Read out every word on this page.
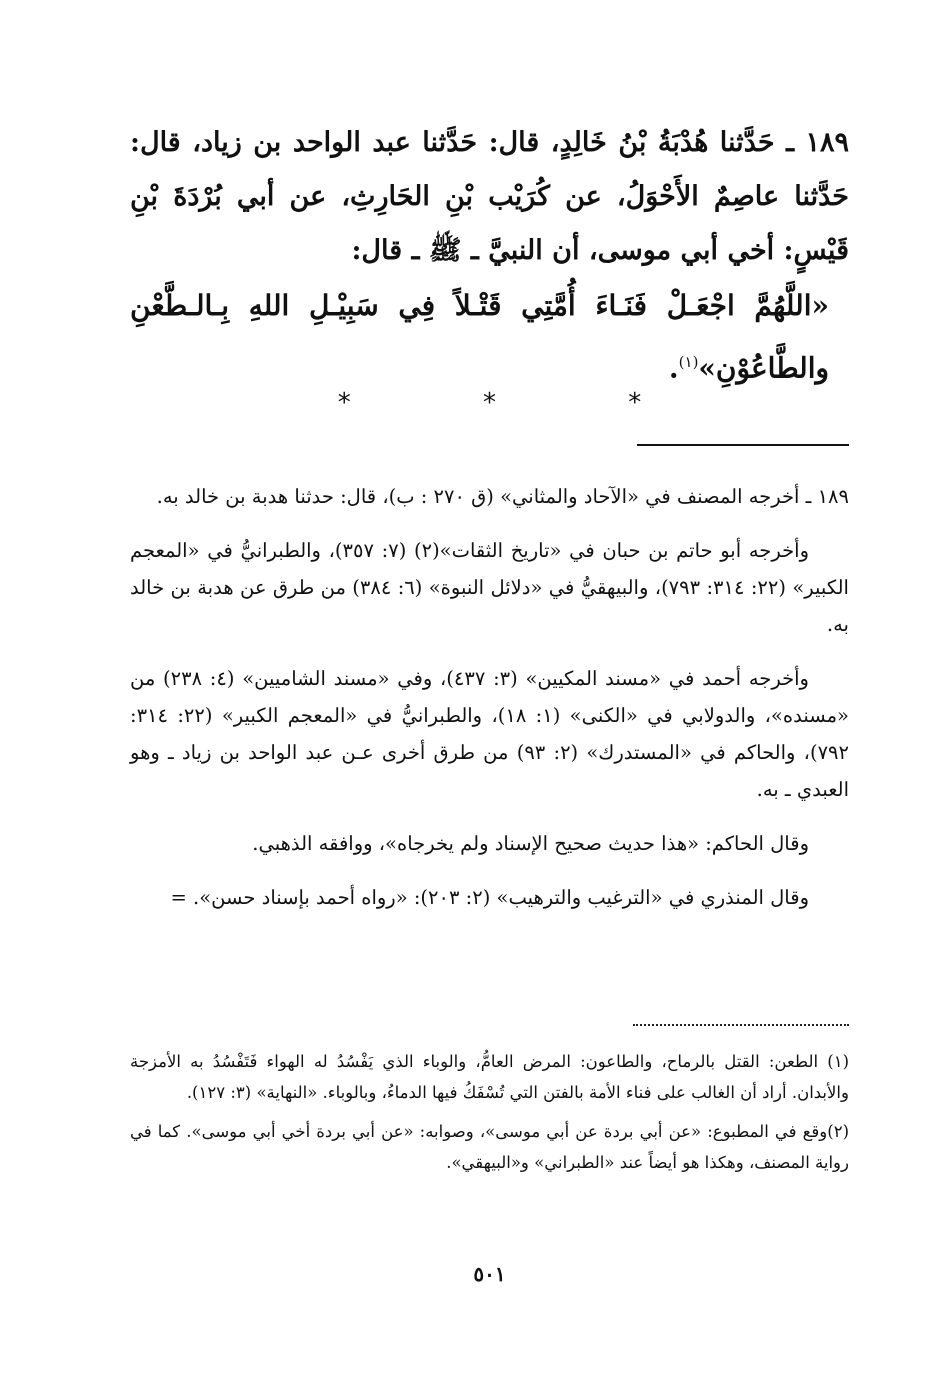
١٨٩ ـ حَدَّثنا هُدْبَةُ بْنُ خَالِدٍ، قال: حَدَّثنا عبد الواحد بن زياد، قال: حَدَّثنا عاصِمٌ الأَحْوَلُ، عن كُرَيْب بْنِ الحَارِثِ، عن أبي بُرْدَةَ بْنِ قَيْسٍ: أخي أبي موسى، أن النبيَّ ـ ﷺ ـ قال:

«اللَّهُمَّ اجْعَـلْ فَنَـاءَ أُمَّتِي قَتْـلاً فِي سَبِيْـلِ اللهِ بِـالـطَّعْنِ والطَّاعُوْنِ»$^{(١)}$.

* * *

١٨٩ ـ أخرجه المصنف في «الآحاد والمثاني» (ق ٢٧٠ : ب)، قال: حدثنا هدبة بن خالد به.

وأخرجه أبو حاتم بن حبان في «تاريخ الثقات»(٢) (٧: ٣٥٧)، والطبرانيُّ في «المعجم الكبير» (٢٢: ٣١٤: ٧٩٣)، والبيهقيُّ في «دلائل النبوة» (٦: ٣٨٤) من طرق عن هدبة بن خالد به.

وأخرجه أحمد في «مسند المكيين» (٣: ٤٣٧)، وفي «مسند الشاميين» (٤: ٢٣٨) من «مسنده»، والدولابي في «الكنى» (١: ١٨)، والطبرانيُّ في «المعجم الكبير» (٢٢: ٣١٤: ٧٩٢)، والحاكم في «المستدرك» (٢: ٩٣) من طرق أخرى عـن عبد الواحد بن زياد ـ وهو العبدي ـ به.

وقال الحاكم: «هذا حديث صحيح الإسناد ولم يخرجاه»، ووافقه الذهبي.

وقال المنذري في «الترغيب والترهيب» (٢: ٢٠٣): «رواه أحمد بإسناد حسن». =

(١) الطعن: القتل بالرماح، والطاعون: المرض العامُّ، والوباء الذي يَفْسُدُ له الهواء فَتَفْسُدُ به الأمزجة والأبدان. أراد أن الغالب على فناء الأمة بالفتن التي تُسْفَكُ فيها الدماءُ، وبالوباء. «النهاية» (٣: ١٢٧).

(٢)وقع في المطبوع: «عن أبي بردة عن أبي موسى»، وصوابه: «عن أبي بردة أخي أبي موسى». كما في رواية المصنف، وهكذا هو أيضاً عند «الطبراني» و«البيهقي».

٥٠١
